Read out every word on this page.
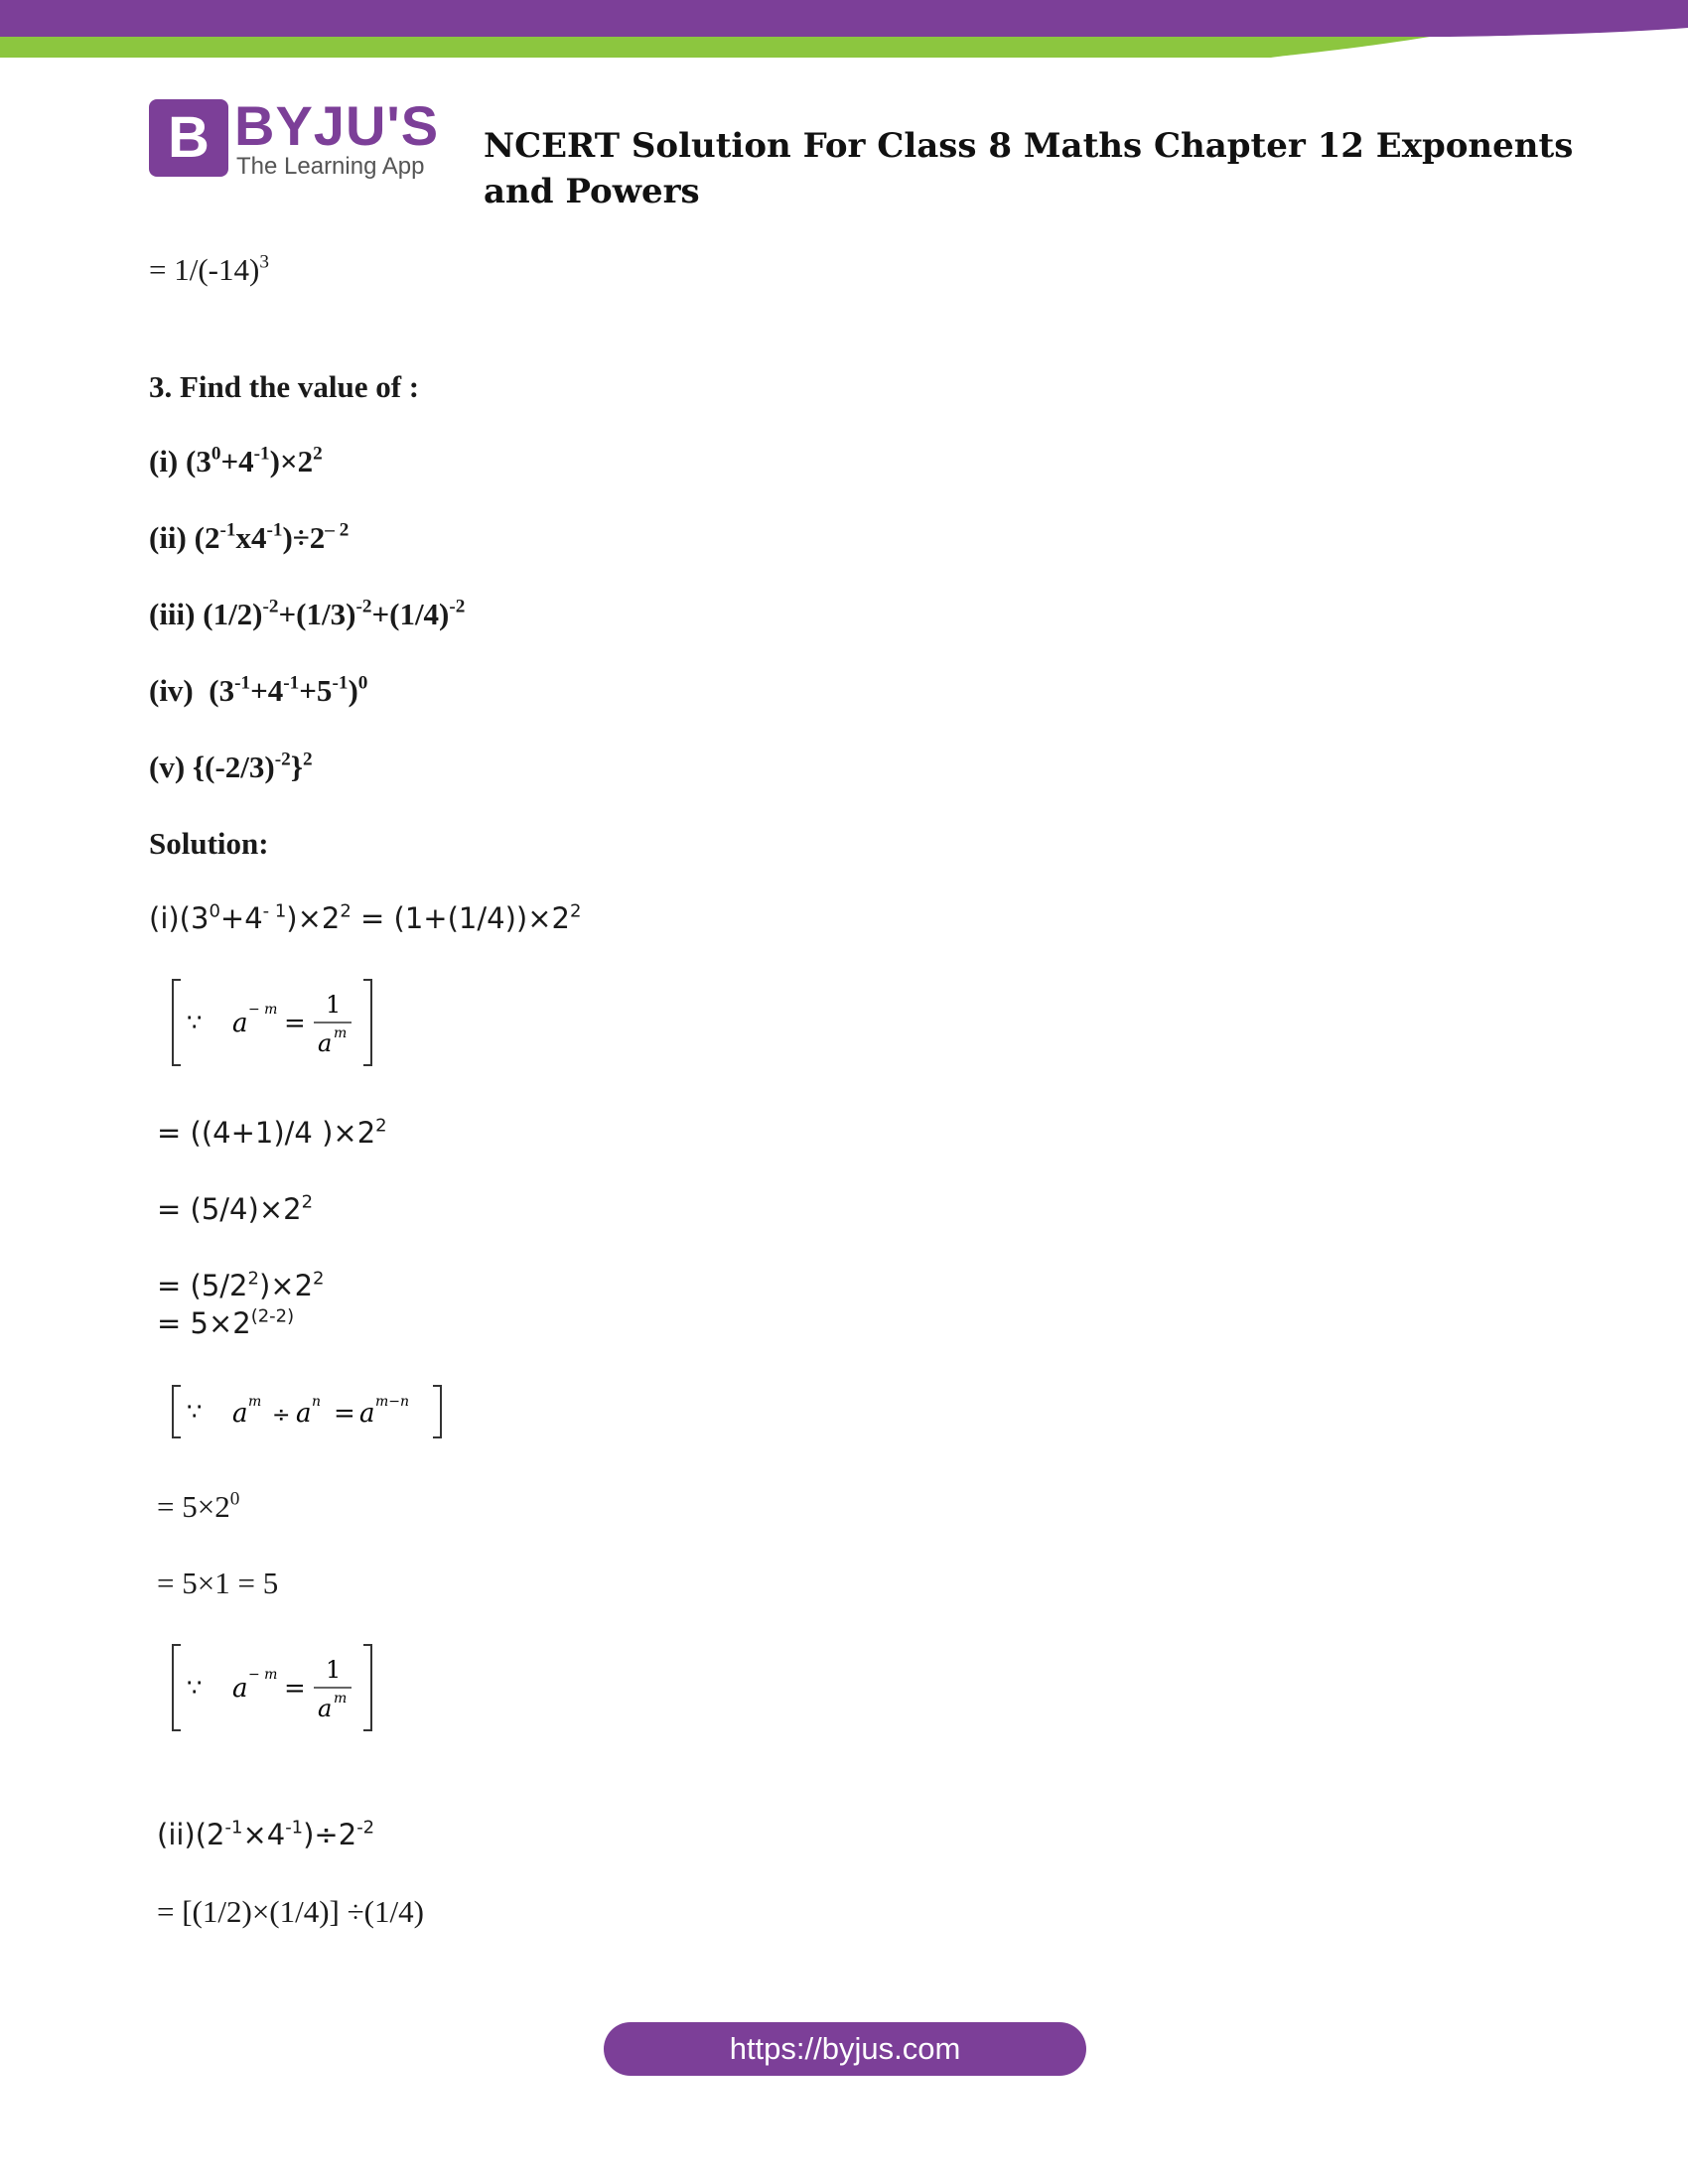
B BYJU'S
The Learning App
NCERT Solution For Class 8 Maths Chapter 12 Exponents and Powers
= $1/(-14)^3$
3. Find the value of :
(i) $(3^0+4^{-1})\times 2^2$
(ii) $(2^{-1}x4^{-1})\div 2^{- 2}$
(iii) $(1/2)^{-2}+(1/3)^{-2}+(1/4)^{-2}$
(iv) $(3^{-1}+4^{-1}+5^{-1})^0$
(v) $\{(-2/3)^{-2}\}^2$
Solution:
$(i)(3^0+4^{- 1})\times 2^2 = (1+(1/4))\times 2^2$
∵ a − m =
1
a m
= ((4+1)/4 )$\times 2^2$
= $(5/4)\times 2^2$
= $(5/2^2)\times 2^2$
= $5\times 2^{(2-2)}$
∵ a m
÷ a n = a m−n
= $5\times 2^0$
= 5×1 = 5
∵ a − m =
1
a m
$(ii)(2^{-1}\times 4^{-1})\div 2^{-2}$
= [(1/2)×(1/4)] ÷(1/4)
https://byjus.com
